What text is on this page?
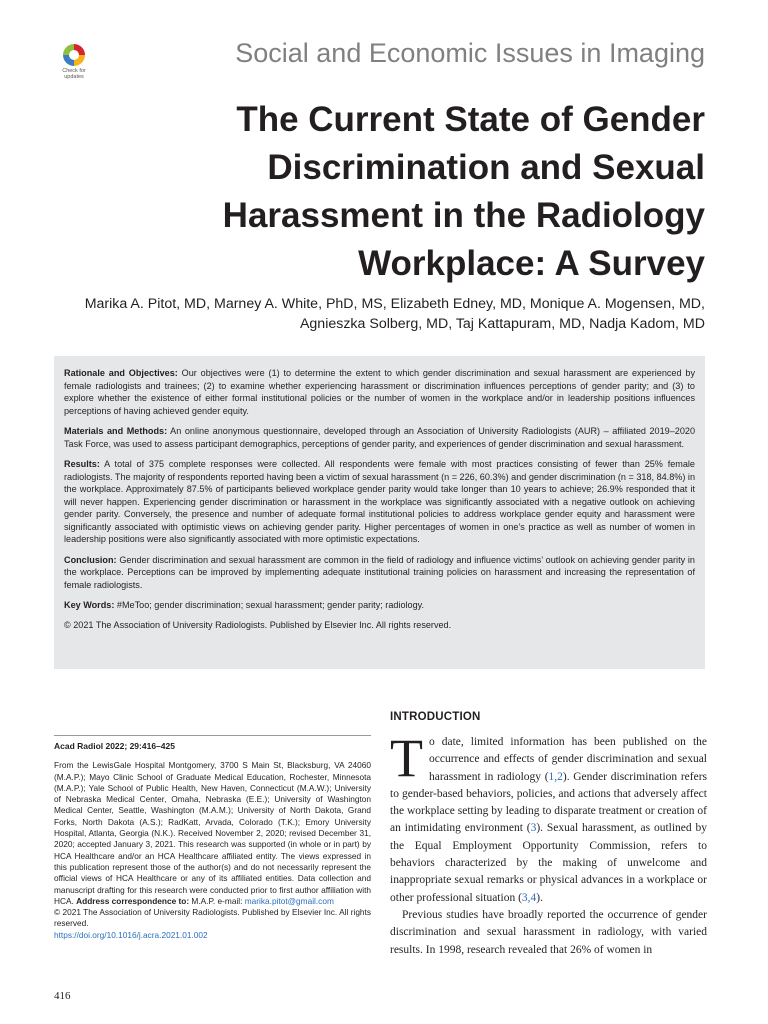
Check for updates
Social and Economic Issues in Imaging
The Current State of Gender
Discrimination and Sexual
Harassment in the Radiology
Workplace: A Survey
Marika A. Pitot, MD, Marney A. White, PhD, MS, Elizabeth Edney, MD, Monique A. Mogensen, MD,
Agnieszka Solberg, MD, Taj Kattapuram, MD, Nadja Kadom, MD

Rationale and Objectives: Our objectives were (1) to determine the extent to which gender discrimination and sexual harassment are experienced by female radiologists and trainees; (2) to examine whether experiencing harassment or discrimination influences perceptions of gender parity; and (3) to explore whether the existence of either formal institutional policies or the number of women in the workplace and/or in leadership positions influences perceptions of having achieved gender equity.

Materials and Methods: An online anonymous questionnaire, developed through an Association of University Radiologists (AUR) – affiliated 2019–2020 Task Force, was used to assess participant demographics, perceptions of gender parity, and experiences of gender discrimination and sexual harassment.

Results: A total of 375 complete responses were collected. All respondents were female with most practices consisting of fewer than 25% female radiologists. The majority of respondents reported having been a victim of sexual harassment (n = 226, 60.3%) and gender discrimination (n = 318, 84.8%) in the workplace. Approximately 87.5% of participants believed workplace gender parity would take longer than 10 years to achieve; 26.9% responded that it will never happen. Experiencing gender discrimination or harassment in the workplace was significantly associated with a negative outlook on achieving gender parity. Conversely, the presence and number of adequate formal institutional policies to address workplace gender equity and harassment were significantly associated with optimistic views on achieving gender parity. Higher percentages of women in one’s practice as well as number of women in leadership positions were also significantly associated with more optimistic expectations.

Conclusion: Gender discrimination and sexual harassment are common in the field of radiology and influence victims’ outlook on achieving gender parity in the workplace. Perceptions can be improved by implementing adequate institutional training policies on harassment and increasing the representation of female radiologists.

Key Words: #MeToo; gender discrimination; sexual harassment; gender parity; radiology.

© 2021 The Association of University Radiologists. Published by Elsevier Inc. All rights reserved.

Acad Radiol 2022; 29:416–425

From the LewisGale Hospital Montgomery, 3700 S Main St, Blacksburg, VA 24060 (M.A.P.); Mayo Clinic School of Graduate Medical Education, Rochester, Minnesota (M.A.P.); Yale School of Public Health, New Haven, Connecticut (M.A.W.); University of Nebraska Medical Center, Omaha, Nebraska (E.E.); University of Washington Medical Center, Seattle, Washington (M.A.M.); University of North Dakota, Grand Forks, North Dakota (A.S.); RadKatt, Arvada, Colorado (T.K.); Emory University Hospital, Atlanta, Georgia (N.K.). Received November 2, 2020; revised December 31, 2020; accepted January 3, 2021. This research was supported (in whole or in part) by HCA Healthcare and/or an HCA Healthcare affiliated entity. The views expressed in this publication represent those of the author(s) and do not necessarily represent the official views of HCA Healthcare or any of its affiliated entities. Data collection and manuscript drafting for this research were conducted prior to first author affiliation with HCA. Address correspondence to: M.A.P. e-mail: marika.pitot@gmail.com

© 2021 The Association of University Radiologists. Published by Elsevier Inc. All rights reserved.

https://doi.org/10.1016/j.acra.2021.01.002

INTRODUCTION

To date, limited information has been published on the occurrence and effects of gender discrimination and sexual harassment in radiology (1,2). Gender discrimination refers to gender-based behaviors, policies, and actions that adversely affect the workplace setting by leading to disparate treatment or creation of an intimidating environment (3). Sexual harassment, as outlined by the Equal Employment Opportunity Commission, refers to behaviors characterized by the making of unwelcome and inappropriate sexual remarks or physical advances in a workplace or other professional situation (3,4).

Previous studies have broadly reported the occurrence of gender discrimination and sexual harassment in radiology, with varied results. In 1998, research revealed that 26% of women in

416
